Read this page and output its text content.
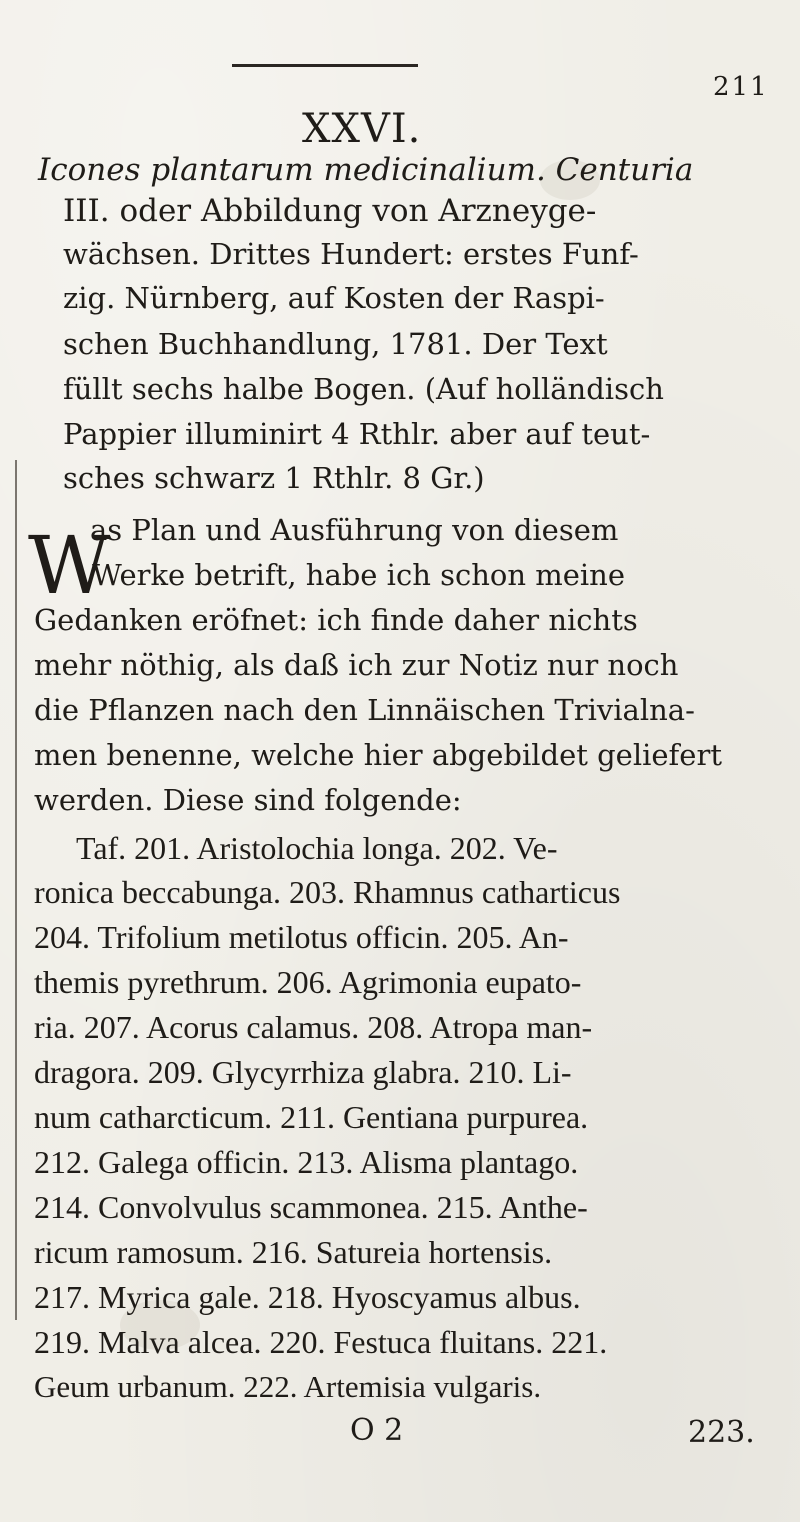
211
XXVI.
Icones plantarum medicinalium. Centuria
III. oder Abbildung von Arzneyge-
wächsen. Drittes Hundert: erstes Funf-
zig. Nürnberg, auf Kosten der Raspi-
schen Buchhandlung, 1781. Der Text
füllt sechs halbe Bogen. (Auf holländisch
Pappier illuminirt 4 Rthlr. aber auf teut-
sches schwarz 1 Rthlr. 8 Gr.)
W
as Plan und Ausführung von diesem
Werke betrift, habe ich schon meine
Gedanken eröfnet: ich finde daher nichts
mehr nöthig, als daß ich zur Notiz nur noch
die Pflanzen nach den Linnäischen Trivialna-
men benenne, welche hier abgebildet geliefert
werden. Diese sind folgende:
Taf. 201. Aristolochia longa. 202. Ve-
ronica beccabunga. 203. Rhamnus catharticus
204. Trifolium metilotus officin. 205. An-
themis pyrethrum. 206. Agrimonia eupato-
ria. 207. Acorus calamus. 208. Atropa man-
dragora. 209. Glycyrrhiza glabra. 210. Li-
num catharcticum. 211. Gentiana purpurea.
212. Galega officin. 213. Alisma plantago.
214. Convolvulus scammonea. 215. Anthe-
ricum ramosum. 216. Satureia hortensis.
217. Myrica gale. 218. Hyoscyamus albus.
219. Malva alcea. 220. Festuca fluitans. 221.
Geum urbanum. 222. Artemisia vulgaris.
O 2	223.
